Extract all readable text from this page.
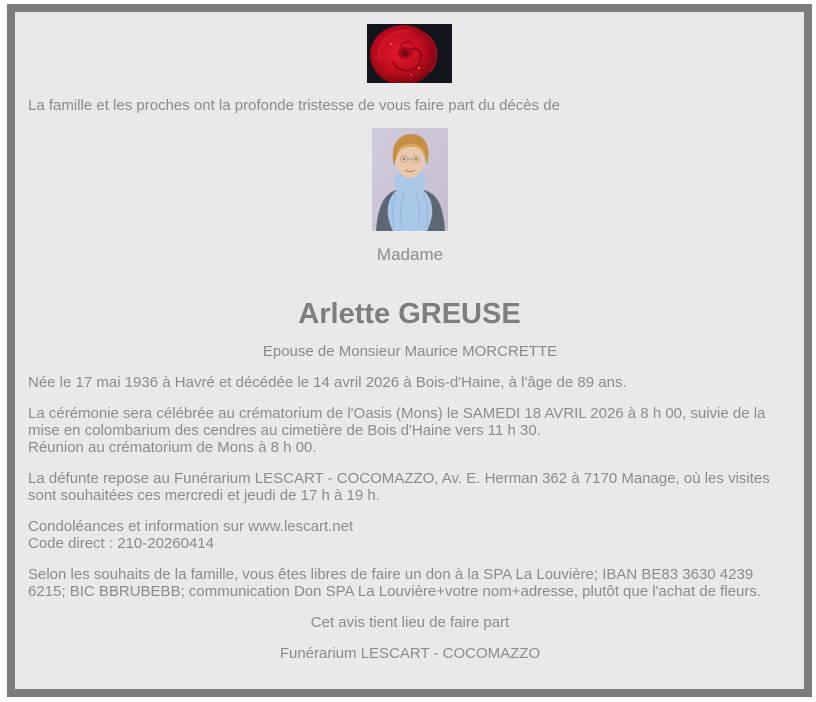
La famille et les proches ont la profonde tristesse de vous faire part du décès de

Madame

Arlette GREUSE

Epouse de Monsieur Maurice MORCRETTE

Née le 17 mai 1936 à Havré et décédée le 14 avril 2026 à Bois-d'Haine, à l'âge de 89 ans.

La cérémonie sera célébrée au crématorium de l'Oasis (Mons) le SAMEDI 18 AVRIL 2026 à 8 h 00, suivie de la mise en colombarium des cendres au cimetière de Bois d'Haine vers 11 h 30.
Réunion au crématorium de Mons à 8 h 00.

La défunte repose au Funérarium LESCART - COCOMAZZO, Av. E. Herman 362 à 7170 Manage, où les visites sont souhaitées ces mercredi et jeudi de 17 h à 19 h.

Condoléances et information sur www.lescart.net
Code direct : 210-20260414

Selon les souhaits de la famille, vous êtes libres de faire un don à la SPA La Louvière; IBAN BE83 3630 4239 6215; BIC BBRUBEBB; communication Don SPA La Louvière+votre nom+adresse, plutôt que l'achat de fleurs.

Cet avis tient lieu de faire part

Funérarium LESCART - COCOMAZZO
